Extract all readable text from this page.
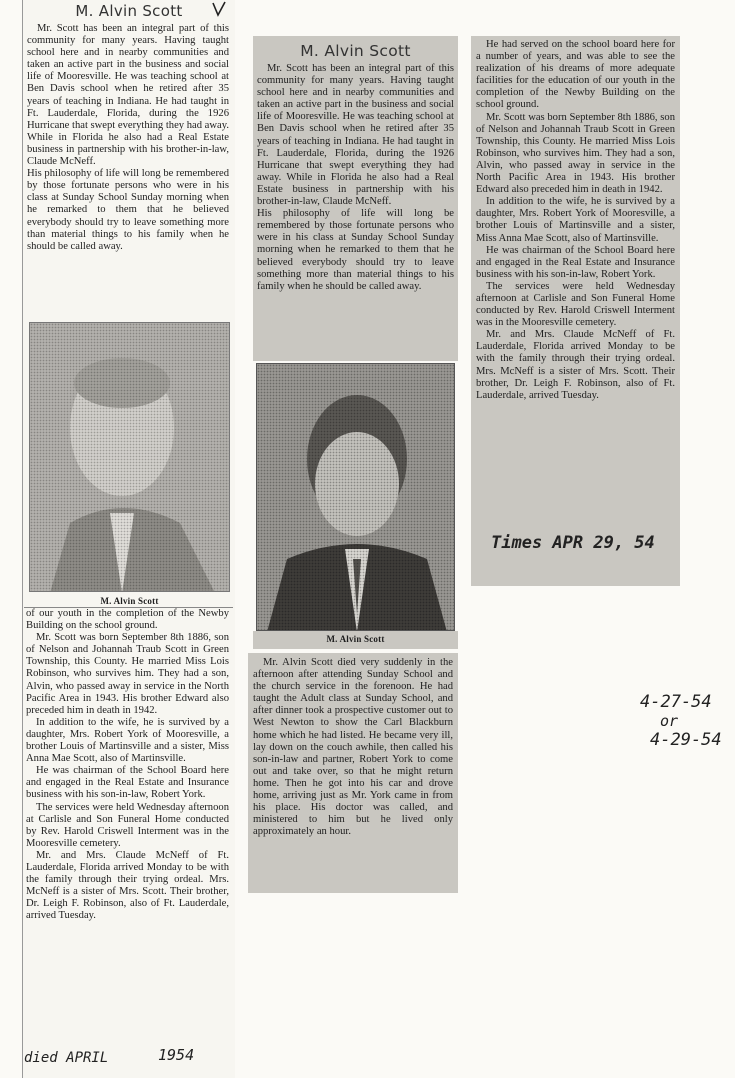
M. Alvin Scott

Mr. Scott has been an integral part of this community for many years. Having taught school here and in nearby communities and taken an active part in the business and social life of Mooresville. He was teaching school at Ben Davis school when he retired after 35 years of teaching in Indiana. He had taught in Ft. Lauderdale, Florida, during the 1926 Hurricane that swept everything they had away. While in Florida he also had a Real Estate business in partnership with his brother-in-law, Claude McNeff.

His philosophy of life will long be remembered by those fortunate persons who were in his class at Sunday School Sunday morning when he remarked to them that he believed everybody should try to leave something more than material things to his family when he should be called away.

M. Alvin Scott

of our youth in the completion of the Newby Building on the school ground.

Mr. Scott was born September 8th 1886, son of Nelson and Johannah Traub Scott in Green Township, this County. He married Miss Lois Robinson, who survives him. They had a son, Alvin, who passed away in service in the North Pacific Area in 1943. His brother Edward also preceded him in death in 1942.

In addition to the wife, he is survived by a daughter, Mrs. Robert York of Mooresville, a brother Louis of Martinsville and a sister, Miss Anna Mae Scott, also of Martinsville.

He was chairman of the School Board here and engaged in the Real Estate and Insurance business with his son-in-law, Robert York.

The services were held Wednesday afternoon at Carlisle and Son Funeral Home conducted by Rev. Harold Criswell Interment was in the Mooresville cemetery.

Mr. and Mrs. Claude McNeff of Ft. Lauderdale, Florida arrived Monday to be with the family through their trying ordeal. Mrs. McNeff is a sister of Mrs. Scott. Their brother, Dr. Leigh F. Robinson, also of Ft. Lauderdale, arrived Tuesday.

died APRIL	1954
M. Alvin Scott

Mr. Scott has been an integral part of this community for many years. Having taught school here and in nearby communities and taken an active part in the business and social life of Mooresville. He was teaching school at Ben Davis school when he retired after 35 years of teaching in Indiana. He had taught in Ft. Lauderdale, Florida, during the 1926 Hurricane that swept everything they had away. While in Florida he also had a Real Estate business in partnership with his brother-in-law, Claude McNeff.

His philosophy of life will long be remembered by those fortunate persons who were in his class at Sunday School Sunday morning when he remarked to them that he believed everybody should try to leave something more than material things to his family when he should be called away.

M. Alvin Scott

Mr. Alvin Scott died very suddenly in the afternoon after attending Sunday School and the church service in the forenoon. He had taught the Adult class at Sunday School, and after dinner took a prospective customer out to West Newton to show the Carl Blackburn home which he had listed. He became very ill, lay down on the couch awhile, then called his son-in-law and partner, Robert York to come out and take over, so that he might return home. Then he got into his car and drove home, arriving just as Mr. York came in from his place. His doctor was called, and ministered to him but he lived only approximately an hour.

He had served on the school board here for a number of years, and was able to see the realization of his dreams of more adequate facilities for the education of our youth in the completion of the Newby Building on the school ground.

Mr. Scott was born September 8th 1886, son of Nelson and Johannah Traub Scott in Green Township, this County. He married Miss Lois Robinson, who survives him. They had a son, Alvin, who passed away in service in the North Pacific Area in 1943. His brother Edward also preceded him in death in 1942.

In addition to the wife, he is survived by a daughter, Mrs. Robert York of Mooresville, a brother Louis of Martinsville and a sister, Miss Anna Mae Scott, also of Martinsville.

He was chairman of the School Board here and engaged in the Real Estate and Insurance business with his son-in-law, Robert York.

The services were held Wednesday afternoon at Carlisle and Son Funeral Home conducted by Rev. Harold Criswell Interment was in the Mooresville cemetery.

Mr. and Mrs. Claude McNeff of Ft. Lauderdale, Florida arrived Monday to be with the family through their trying ordeal. Mrs. McNeff is a sister of Mrs. Scott. Their brother, Dr. Leigh F. Robinson, also of Ft. Lauderdale, arrived Tuesday.

Times APR 29, 54
4-27-54
or
4-29-54
